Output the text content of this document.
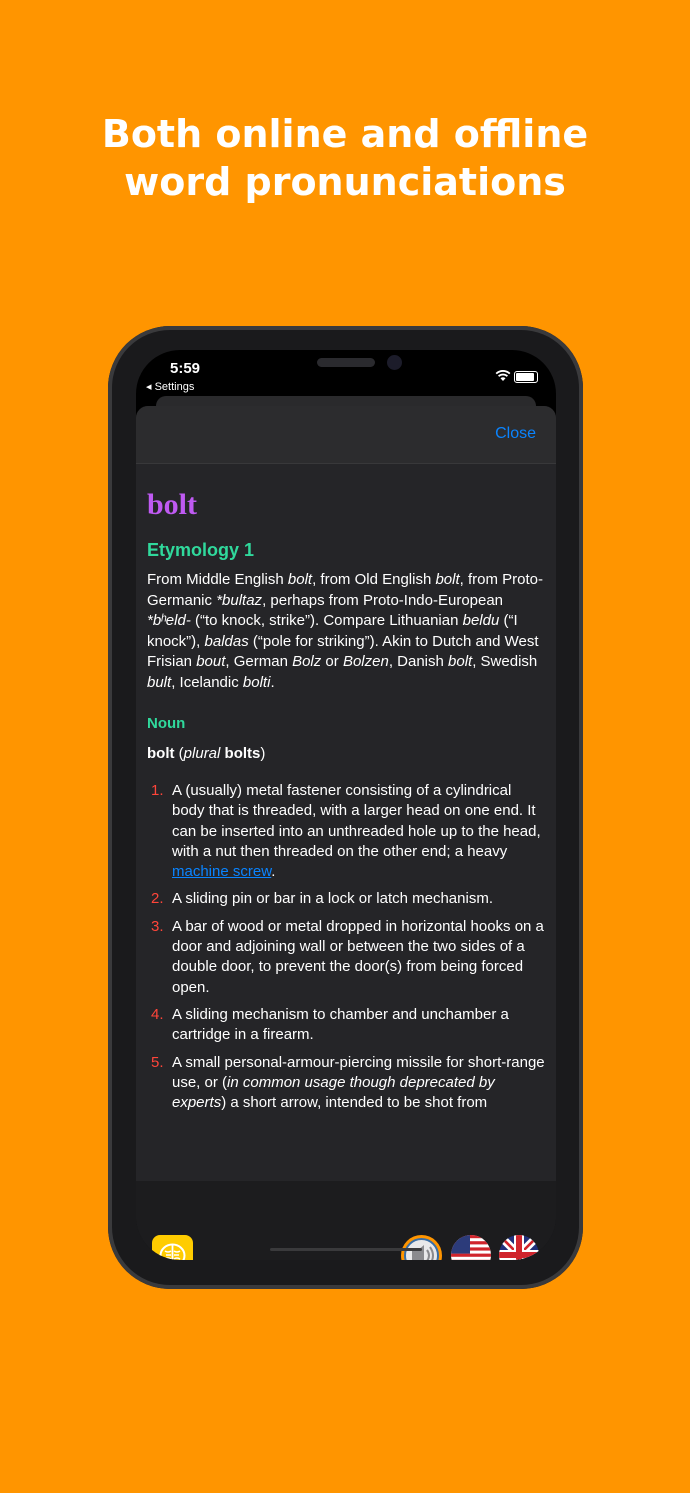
Both online and offline
word pronunciations
5:59
◂ Settings
Close
bolt
Etymology 1
From Middle English bolt, from Old English bolt, from Proto-Germanic *bultaz, perhaps from Proto-Indo-European *bʰeld- (“to knock, strike”). Compare Lithuanian beldu (“I knock”), baldas (“pole for striking”). Akin to Dutch and West Frisian bout, German Bolz or Bolzen, Danish bolt, Swedish bult, Icelandic bolti.
Noun
bolt (plural bolts)
1. A (usually) metal fastener consisting of a cylindrical body that is threaded, with a larger head on one end. It can be inserted into an unthreaded hole up to the head, with a nut then threaded on the other end; a heavy machine screw.
2. A sliding pin or bar in a lock or latch mechanism.
3. A bar of wood or metal dropped in horizontal hooks on a door and adjoining wall or between the two sides of a double door, to prevent the door(s) from being forced open.
4. A sliding mechanism to chamber and unchamber a cartridge in a firearm.
5. A small personal-armour-piercing missile for short-range use, or (in common usage though deprecated by experts) a short arrow, intended to be shot from
